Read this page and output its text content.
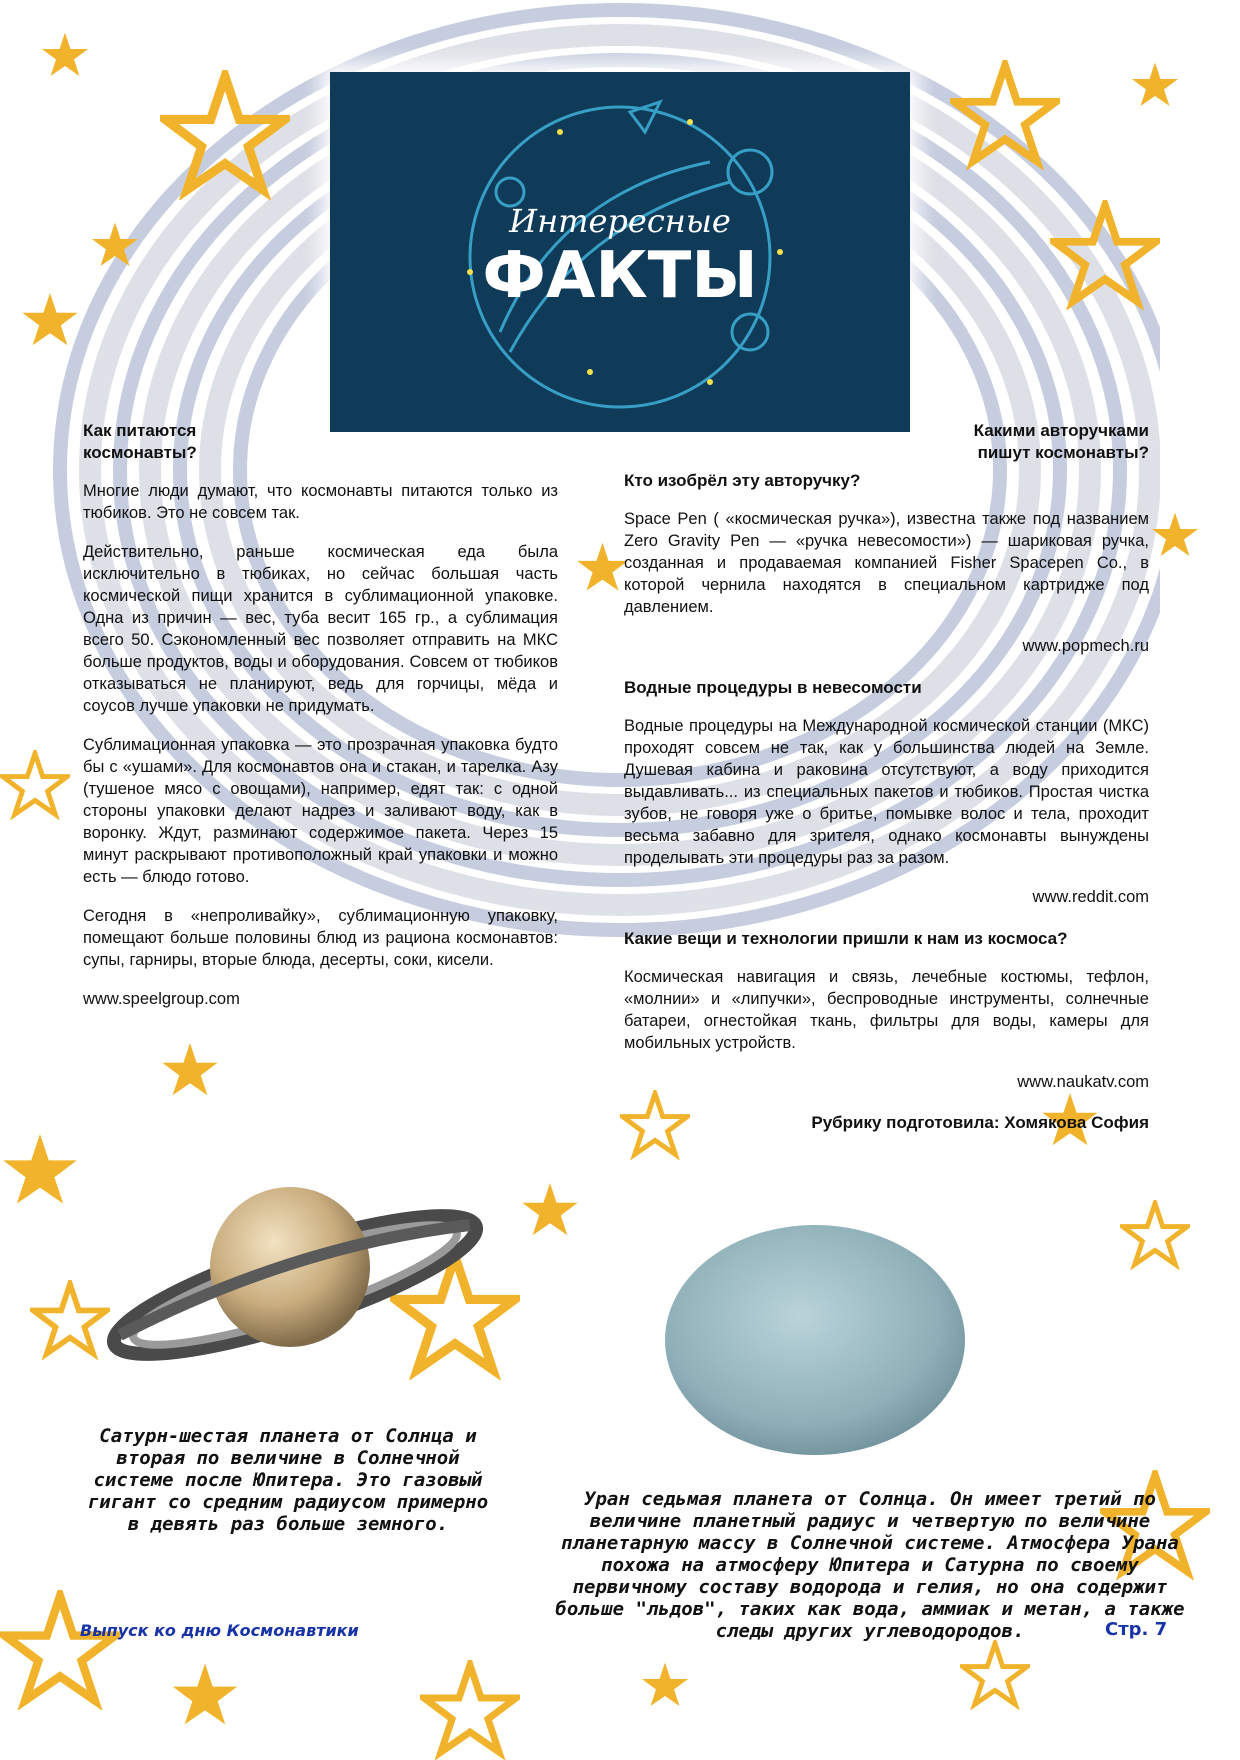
Интересные
ФАКТЫ
Как питаются космонавты?
Многие люди думают, что космонавты питаются только из тюбиков. Это не совсем так.
Действительно, раньше космическая еда была исключительно в тюбиках, но сейчас большая часть космической пищи хранится в сублимационной упаковке. Одна из причин — вес, туба весит 165 гр., а сублимация всего 50. Сэкономленный вес позволяет отправить на МКС больше продуктов, воды и оборудования. Совсем от тюбиков отказываться не планируют, ведь для горчицы, мёда и соусов лучше упаковки не придумать.
Сублимационная упаковка — это прозрачная упаковка будто бы с «ушами». Для космонавтов она и стакан, и тарелка. Азу (тушеное мясо с овощами), например, едят так: с одной стороны упаковки делают надрез и заливают воду, как в воронку. Ждут, разминают содержимое пакета. Через 15 минут раскрывают противоположный край упаковки и можно есть — блюдо готово.
Сегодня в «непроливайку», сублимационную упаковку, помещают больше половины блюд из рациона космонавтов: супы, гарниры, вторые блюда, десерты, соки, кисели.
www.speelgroup.com
Какими авторучками пишут космонавты?
Кто изобрёл эту авторучку?
Space Pen ( «космическая ручка»), известна также под названием Zero Gravity Pen — «ручка невесомости») — шариковая ручка, созданная и продаваемая компанией Fisher Spacepen Co., в которой чернила находятся в специальном картридже под давлением.
www.popmech.ru
Водные процедуры в невесомости
Водные процедуры на Международной космической станции (МКС) проходят совсем не так, как у большинства людей на Земле. Душевая кабина и раковина отсутствуют, а воду приходится выдавливать... из специальных пакетов и тюбиков. Простая чистка зубов, не говоря уже о бритье, помывке волос и тела, проходит весьма забавно для зрителя, однако космонавты вынуждены проделывать эти процедуры раз за разом.
www.reddit.com
Какие вещи и технологии пришли к нам из космоса?
Космическая навигация и связь, лечебные костюмы, тефлон, «молнии» и «липучки», беспроводные инструменты, солнечные батареи, огнестойкая ткань, фильтры для воды, камеры для мобильных устройств.
www.naukatv.com
Рубрику подготовила: Хомякова София
Сатурн-шестая планета от Солнца и вторая по величине в Солнечной системе после Юпитера. Это газовый гигант со средним радиусом примерно в девять раз больше земного.
Уран седьмая планета от Солнца. Он имеет третий по величине планетный радиус и четвертую по величине планетарную массу в Солнечной системе. Атмосфера Урана похожа на атмосферу Юпитера и Сатурна по своему первичному составу водорода и гелия, но она содержит больше "льдов", таких как вода, аммиак и метан, а также следы других углеводородов.
Выпуск ко дню Космонавтики	Стр. 7
